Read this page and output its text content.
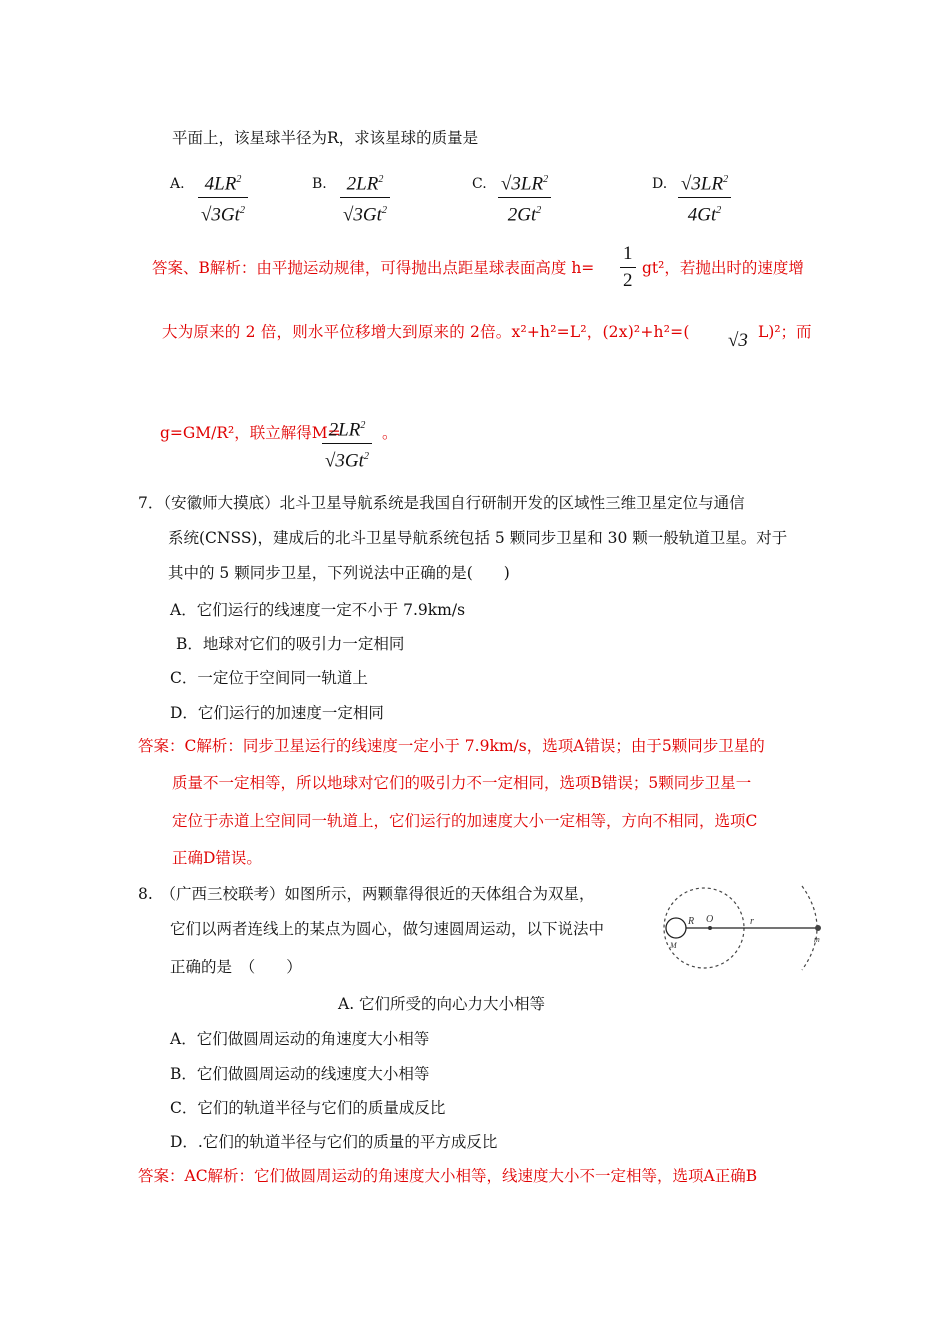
平面上，该星球半径为R，求该星球的质量是
A.	$4LR^2$
√3Gt$^2$
B.	$2LR^2$
√3Gt$^2$
C. $√3LR^2$
2Gt$^2$
D. $√3LR^2$
4Gt$^2$
答案、B解析：由平抛运动规律，可得抛出点距星球表面高度 h=
1
2
gt²，若抛出时的速度增
大为原来的 2 倍，则水平位移增大到原来的 2倍。x²+h²=L²，(2x)²+h²=( √3 L)²；而
g=GM/R²，联立解得M=
$2LR^2$
√3Gt$^2$
。
7．（安徽师大摸底）北斗卫星导航系统是我国自行研制开发的区域性三维卫星定位与通信
系统(CNSS)，建成后的北斗卫星导航系统包括 5 颗同步卫星和 30 颗一般轨道卫星。对于
其中的 5 颗同步卫星，下列说法中正确的是(　　)
A．它们运行的线速度一定不小于 7.9km/s
B．地球对它们的吸引力一定相同
C．一定位于空间同一轨道上
D．它们运行的加速度一定相同
答案：C解析：同步卫星运行的线速度一定小于 7.9km/s，选项A错误；由于5颗同步卫星的
质量不一定相等，所以地球对它们的吸引力不一定相同，选项B错误；5颗同步卫星一
定位于赤道上空间同一轨道上，它们运行的加速度大小一定相等，方向不相同，选项C
正确D错误。
8.　（广西三校联考）如图所示，两颗靠得很近的天体组合为双星，
它们以两者连线上的某点为圆心，做匀速圆周运动，以下说法中
正确的是　（　　）
R O	r
M
m
A. 它们所受的向心力大小相等
A．它们做圆周运动的角速度大小相等
B．它们做圆周运动的线速度大小相等
C．它们的轨道半径与它们的质量成反比
D．.它们的轨道半径与它们的质量的平方成反比
答案：AC解析：它们做圆周运动的角速度大小相等，线速度大小不一定相等，选项A正确B
